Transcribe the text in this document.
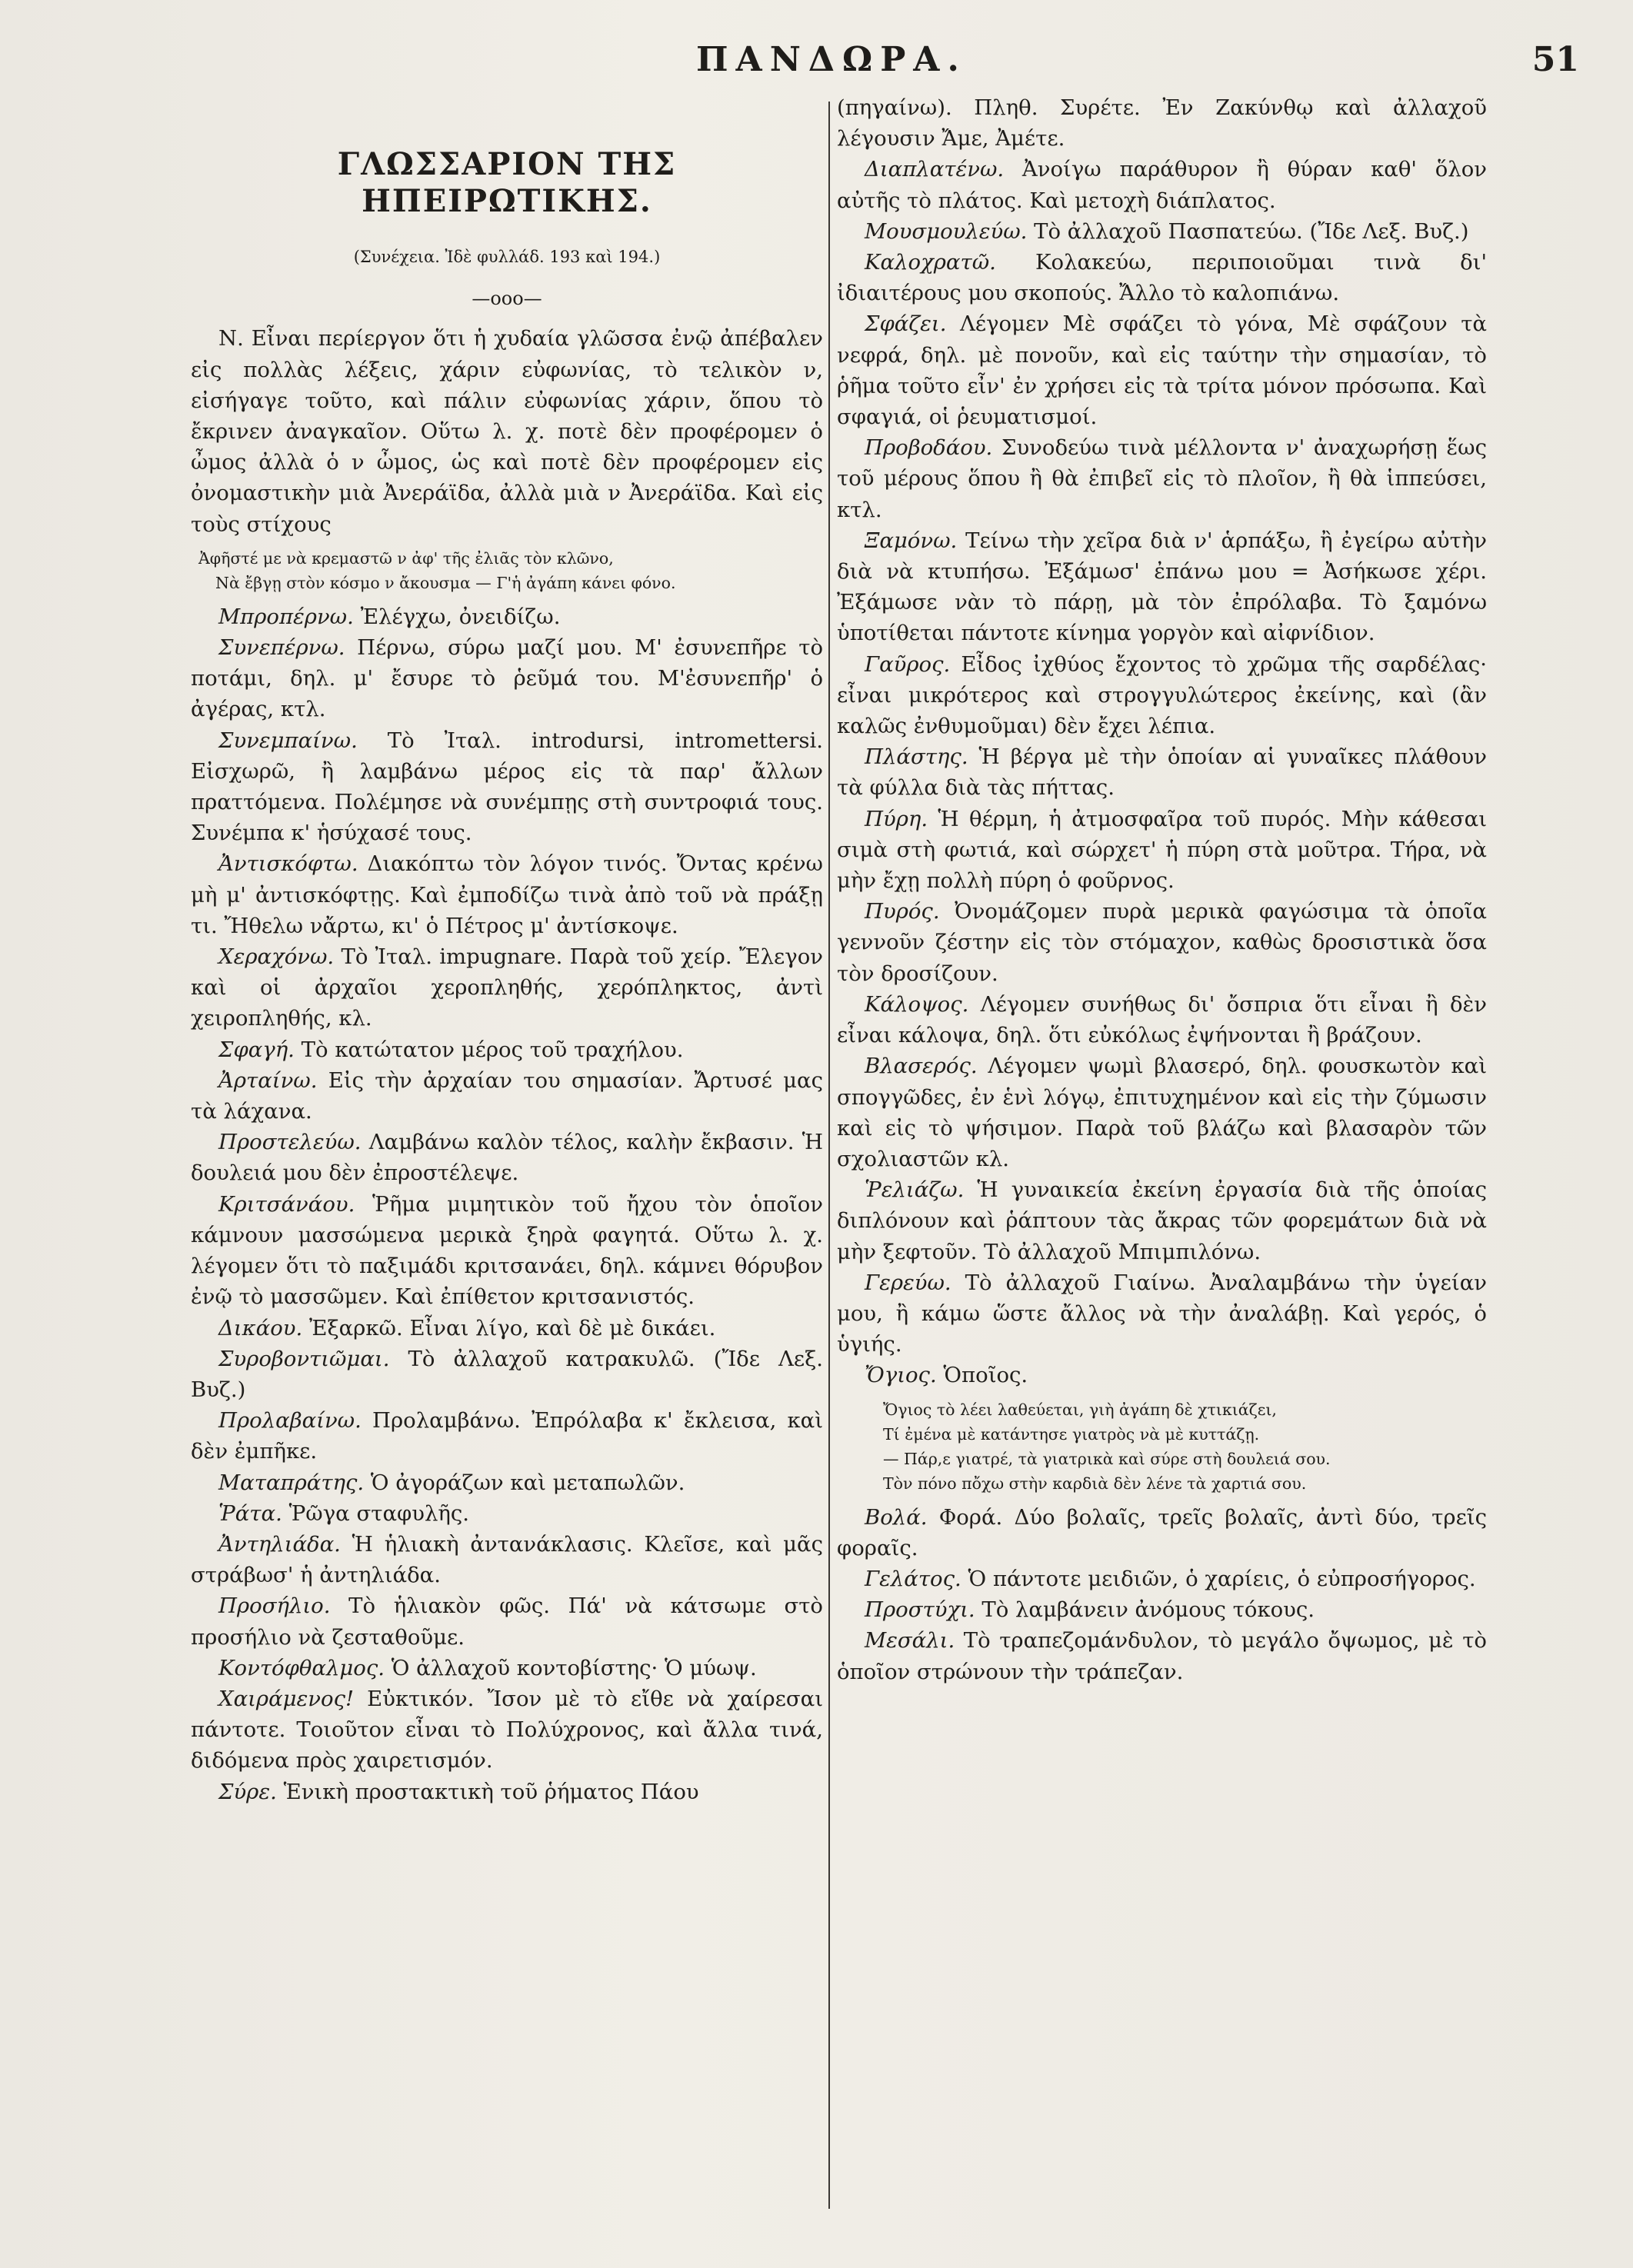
ΠΑΝΔΩΡΑ.	51
ΓΛΩΣΣΑΡΙΟΝ ΤΗΣ ΗΠΕΙΡΩΤΙΚΗΣ.
(Συνέχεια. Ἰδὲ φυλλάδ. 193 καὶ 194.)
—ooo—

Ν. Εἶναι περίεργον ὅτι ἡ χυδαία γλῶσσα ἐνῷ ἀπέβαλεν εἰς πολλὰς λέξεις, χάριν εὐφωνίας, τὸ τελικὸν ν, εἰσήγαγε τοῦτο, καὶ πάλιν εὐφωνίας χάριν, ὅπου τὸ ἔκρινεν ἀναγκαῖον. Οὕτω λ. χ. ποτὲ δὲν προφέρομεν ὁ ὦμος ἀλλὰ ὁ ν ὦμος, ὡς καὶ ποτὲ δὲν προφέρομεν εἰς ὀνομαστικὴν μιὰ Ἀνεράϊδα, ἀλλὰ μιὰ ν Ἀνεράϊδα. Καὶ εἰς τοὺς στίχους

Ἀφῆστέ με νὰ κρεμαστῶ ν ἀφ' τῆς ἐλιᾶς τὸν κλῶνο,
Νὰ ἔβγῃ στὸν κόσμο ν ἄκουσμα — Γ'ἡ ἀγάπη κάνει φόνο.

Μπροπέρνω. Ἐλέγχω, ὀνειδίζω.

Συνεπέρνω. Πέρνω, σύρω μαζί μου. Μ' ἐσυνεπῆρε τὸ ποτάμι, δηλ. μ' ἔσυρε τὸ ῥεῦμά του. Μ'ἐσυνεπῆρ' ὁ ἀγέρας, κτλ.

Συνεμπαίνω. Τὸ Ἰταλ. introdursi, intromettersi. Εἰσχωρῶ, ἢ λαμβάνω μέρος εἰς τὰ παρ' ἄλλων πραττόμενα. Πολέμησε νὰ συνέμπῃς στὴ συντροφιά τους. Συνέμπα κ' ἡσύχασέ τους.

Ἀντισκόφτω. Διακόπτω τὸν λόγον τινός. Ὄντας κρένω μὴ μ' ἀντισκόφτῃς. Καὶ ἐμποδίζω τινὰ ἀπὸ τοῦ νὰ πράξῃ τι. Ἤθελω νἄρτω, κι' ὁ Πέτρος μ' ἀντίσκοψε.

Χεραχόνω. Τὸ Ἰταλ. impugnare. Παρὰ τοῦ χείρ. Ἔλεγον καὶ οἱ ἀρχαῖοι χεροπληθής, χερόπληκτος, ἀντὶ χειροπληθής, κλ.

Σφαγή. Τὸ κατώτατον μέρος τοῦ τραχήλου.

Ἀρταίνω. Εἰς τὴν ἀρχαίαν του σημασίαν. Ἄρτυσέ μας τὰ λάχανα.

Προστελεύω. Λαμβάνω καλὸν τέλος, καλὴν ἔκβασιν. Ἡ δουλειά μου δὲν ἐπροστέλεψε.

Κριτσάνάου. Ῥῆμα μιμητικὸν τοῦ ἤχου τὸν ὁποῖον κάμνουν μασσώμενα μερικὰ ξηρὰ φαγητά. Οὕτω λ. χ. λέγομεν ὅτι τὸ παξιμάδι κριτσανάει, δηλ. κάμνει θόρυβον ἐνῷ τὸ μασσῶμεν. Καὶ ἐπίθετον κριτσανιστός.

Δικάου. Ἐξαρκῶ. Εἶναι λίγο, καὶ δὲ μὲ δικάει.

Συροβοντιῶμαι. Τὸ ἀλλαχοῦ κατρακυλῶ. (Ἴδε Λεξ. Βυζ.)

Προλαβαίνω. Προλαμβάνω. Ἐπρόλαβα κ' ἔκλεισα, καὶ δὲν ἐμπῆκε.

Ματαπράτης. Ὁ ἀγοράζων καὶ μεταπωλῶν.

Ῥάτα. Ῥῶγα σταφυλῆς.

Ἀντηλιάδα. Ἡ ἡλιακὴ ἀντανάκλασις. Κλεῖσε, καὶ μᾶς στράβωσ' ἡ ἀντηλιάδα.

Προσήλιο. Τὸ ἡλιακὸν φῶς. Πά' νὰ κάτσωμε στὸ προσήλιο νὰ ζεσταθοῦμε.

Κοντόφθαλμος. Ὁ ἀλλαχοῦ κοντοβίστης· Ὁ μύωψ.

Χαιράμενος! Εὐκτικόν. Ἴσον μὲ τὸ εἴθε νὰ χαίρεσαι πάντοτε. Τοιοῦτον εἶναι τὸ Πολύχρονος, καὶ ἄλλα τινά, διδόμενα πρὸς χαιρετισμόν.

Σύρε. Ἑνικὴ προστακτικὴ τοῦ ῥήματος Πάου

(πηγαίνω). Πληθ. Συρέτε. Ἐν Ζακύνθῳ καὶ ἀλλαχοῦ λέγουσιν Ἄμε, Ἀμέτε.

Διαπλατένω. Ἀνοίγω παράθυρον ἢ θύραν καθ' ὅλον αὐτῆς τὸ πλάτος. Καὶ μετοχὴ διάπλατος.

Μουσμουλεύω. Τὸ ἀλλαχοῦ Πασπατεύω. (Ἴδε Λεξ. Βυζ.)

Καλοχρατῶ. Κολακεύω, περιποιοῦμαι τινὰ δι' ἰδιαιτέρους μου σκοπούς. Ἄλλο τὸ καλοπιάνω.

Σφάζει. Λέγομεν Μὲ σφάζει τὸ γόνα, Μὲ σφάζουν τὰ νεφρά, δηλ. μὲ πονοῦν, καὶ εἰς ταύτην τὴν σημασίαν, τὸ ῥῆμα τοῦτο εἶν' ἐν χρήσει εἰς τὰ τρίτα μόνον πρόσωπα. Καὶ σφαγιά, οἱ ῥευματισμοί.

Προβοδάου. Συνοδεύω τινὰ μέλλοντα ν' ἀναχωρήσῃ ἕως τοῦ μέρους ὅπου ἢ θὰ ἐπιβεῖ εἰς τὸ πλοῖον, ἢ θὰ ἱππεύσει, κτλ.

Ξαμόνω. Τείνω τὴν χεῖρα διὰ ν' ἁρπάξω, ἢ ἐγείρω αὐτὴν διὰ νὰ κτυπήσω. Ἐξάμωσ' ἐπάνω μου = Ἀσήκωσε χέρι. Ἐξάμωσε νὰν τὸ πάρῃ, μὰ τὸν ἐπρόλαβα. Τὸ ξαμόνω ὑποτίθεται πάντοτε κίνημα γοργὸν καὶ αἰφνίδιον.

Γαῦρος. Εἶδος ἰχθύος ἔχοντος τὸ χρῶμα τῆς σαρδέλας· εἶναι μικρότερος καὶ στρογγυλώτερος ἐκείνης, καὶ (ἂν καλῶς ἐνθυμοῦμαι) δὲν ἔχει λέπια.

Πλάστης. Ἡ βέργα μὲ τὴν ὁποίαν αἱ γυναῖκες πλάθουν τὰ φύλλα διὰ τὰς πήττας.

Πύρη. Ἡ θέρμη, ἡ ἀτμοσφαῖρα τοῦ πυρός. Μὴν κάθεσαι σιμὰ στὴ φωτιά, καὶ σώρχετ' ἡ πύρη στὰ μοῦτρα. Τήρα, νὰ μὴν ἔχῃ πολλὴ πύρη ὁ φοῦρνος.

Πυρός. Ὀνομάζομεν πυρὰ μερικὰ φαγώσιμα τὰ ὁποῖα γεννοῦν ζέστην εἰς τὸν στόμαχον, καθὼς δροσιστικὰ ὅσα τὸν δροσίζουν.

Κάλοψος. Λέγομεν συνήθως δι' ὄσπρια ὅτι εἶναι ἢ δὲν εἶναι κάλοψα, δηλ. ὅτι εὐκόλως ἐψήνονται ἢ βράζουν.

Βλασερός. Λέγομεν ψωμὶ βλασερό, δηλ. φουσκωτὸν καὶ σπογγῶδες, ἐν ἑνὶ λόγῳ, ἐπιτυχημένον καὶ εἰς τὴν ζύμωσιν καὶ εἰς τὸ ψήσιμον. Παρὰ τοῦ βλάζω καὶ βλασαρὸν τῶν σχολιαστῶν κλ.

Ῥελιάζω. Ἡ γυναικεία ἐκείνη ἐργασία διὰ τῆς ὁποίας διπλόνουν καὶ ῥάπτουν τὰς ἄκρας τῶν φορεμάτων διὰ νὰ μὴν ξεφτοῦν. Τὸ ἀλλαχοῦ Μπιμπιλόνω.

Γερεύω. Τὸ ἀλλαχοῦ Γιαίνω. Ἀναλαμβάνω τὴν ὑγείαν μου, ἢ κάμω ὥστε ἄλλος νὰ τὴν ἀναλάβῃ. Καὶ γερός, ὁ ὑγιής.

Ὄγιος. Ὁποῖος.

Ὄγιος τὸ λέει λαθεύεται, γιὴ ἀγάπη δὲ χτικιάζει,
Τί ἐμένα μὲ κατάντησε γιατρὸς νὰ μὲ κυττάζῃ.
— Πάρ,ε γιατρέ, τὰ γιατρικὰ καὶ σύρε στὴ δουλειά σου.
Τὸν πόνο πὄχω στὴν καρδιὰ δὲν λένε τὰ χαρτιά σου.

Βολά. Φορά. Δύο βολαῖς, τρεῖς βολαῖς, ἀντὶ δύο, τρεῖς φοραῖς.

Γελάτος. Ὁ πάντοτε μειδιῶν, ὁ χαρίεις, ὁ εὐπροσήγορος.

Προστύχι. Τὸ λαμβάνειν ἀνόμους τόκους.

Μεσάλι. Τὸ τραπεζομάνδυλον, τὸ μεγάλο ὄψωμος, μὲ τὸ ὁποῖον στρώνουν τὴν τράπεζαν.
